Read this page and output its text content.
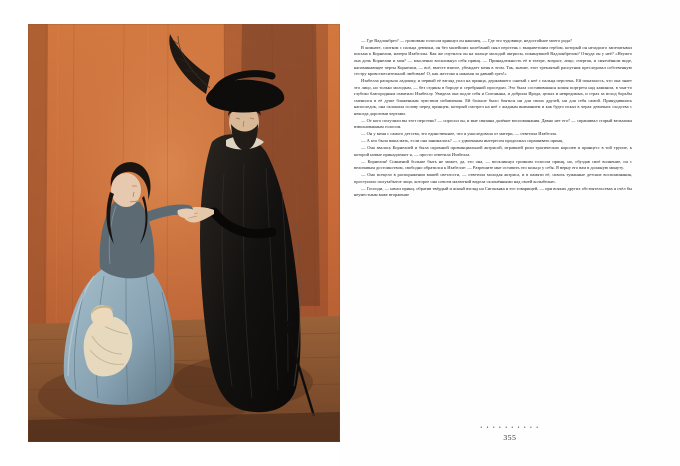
— Где Вадлонбрез? — громовым голосом крикнул он наконец. — Где это чудовище, недостойное моего рода?

В комнате, слитком с пальца девчики, он без малейших колебаний снял перстень с выцыветшим гербом, который он незадолго запечатывал письма к Корнелии, матери Изабеллы. Как же очутился он на пальце молодой актрисы, покинувшей Вадлонбрезом? Откуда он у неё? «Неужто она дочь Корнелии и моя? — мысленно воскликнул себя принц. — Принадлежность её в театре, возраст, лицо, очертая, и смягчённом виде, напоминающее черты Корнелии, — всё, вместе взятое, убеждает меня в этом. Так, значит, этот треклятый распутник преследовал собственную сестру кровосмесительной любовью! О, как жестоко я наказан за давний грех!»

Изабелла раскрыла ладошку, и первый её взгляд упал на принца, державшего снятый с неё с пальца перстень. Ей показалось, что она знает это лицо, но только молодым, — без седины в бороде и серебряной проседью. Это была составившаяся копия портрета над камином, в чьм-то глубоко благородным охватило Изабеллу. Увидела она подле себя и Сигоньяка, и добрила Ирода, целых и невредимых, и страх за исход борьбы сменился в её душе блаженным чувством избавления. Ей больше было бояться ни для своих друзей, ни для себя самой. Принудившись напоследок, она склонила голову перед принцем, который смотрел на неё с жадным вниманием и как будто искал в черах девичьих сходства с некогда дорогими чертами.

— От кого получили вы этот перстень? — спросил он, и мне связаны далёкие воспоминания. Давно нет его? — спрашивал старый вельможа взволнованным голосом.

— Он у меня с самого детства, это единственное, что я унаследовала от матери, — ответила Изабелла.

— А кто была ваша мать, если она занималась? — с удвоенным интересом продолжал спрашивать принц.

— Она звалась Корнелией и была скромной провинциальной актрисой, игравшей роли трагических королев и принцесс в той труппе, к которой новые принадлежит я, — просто ответила Изабелла.

— Корнелия! Сомнений больше быть не может, да, это она, — воскликнул громким голосом принц, но, обуздав своё волнение, он с величавым достоинством, свободно обратился к Изабелле: — Разрешите мне оставить это кольцо у себя. Я верну его вам в должную минуту.

— Оно всецело в распоряжении вашей светлости, — ответила молодая актриса, и в памяти её, сквозь туманные детские воспоминания, проступило полузабытое лицо, которое она совсем малюткой видела склонёнными над своей колыбелью.

— Господи, — начал принц, обратив твёрдый и ясный взгляд на Сигоньяка и его товарищей, — при всяких других обстоятельствах я счёл бы неуместным важе вторжение

• • • • • • • • • •
355
